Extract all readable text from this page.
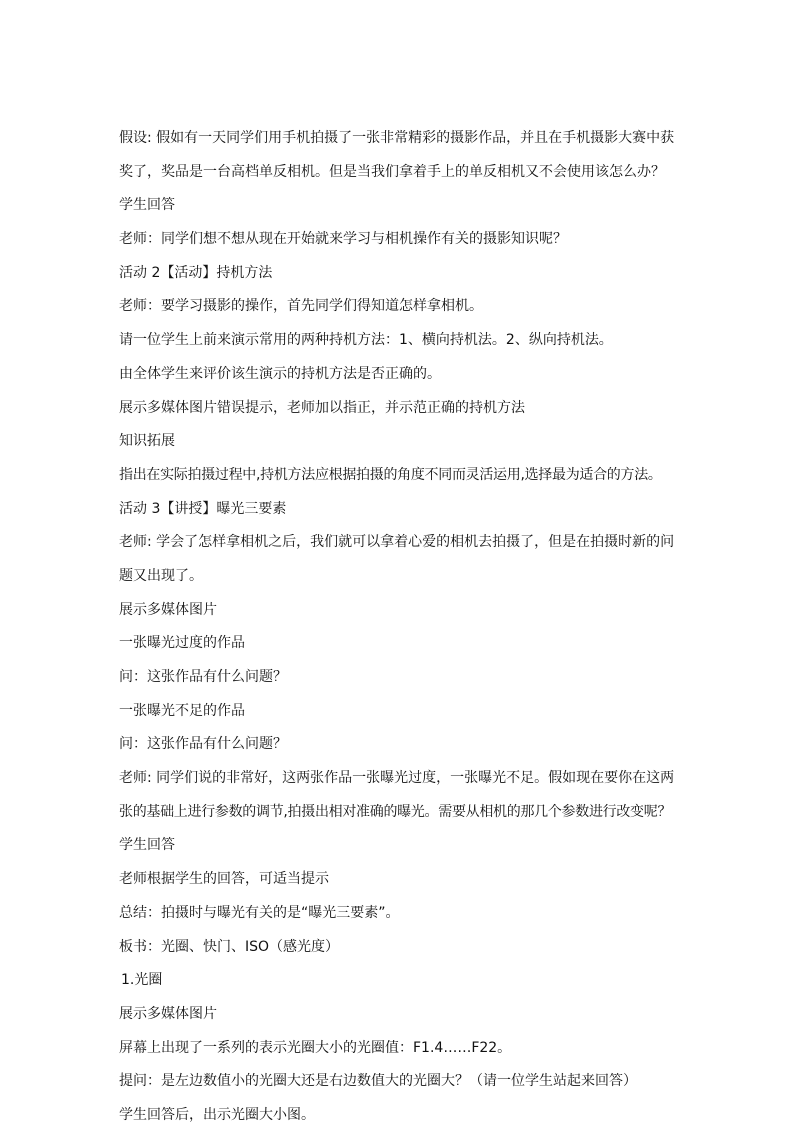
假设: 假如有一天同学们用手机拍摄了一张非常精彩的摄影作品，并且在手机摄影大赛中获
奖了，奖品是一台高档单反相机。但是当我们拿着手上的单反相机又不会使用该怎么办？
学生回答
老师：同学们想不想从现在开始就来学习与相机操作有关的摄影知识呢？
活动 2【活动】持机方法
老师：要学习摄影的操作，首先同学们得知道怎样拿相机。
请一位学生上前来演示常用的两种持机方法：1、横向持机法。2、纵向持机法。
由全体学生来评价该生演示的持机方法是否正确的。
展示多媒体图片错误提示，老师加以指正，并示范正确的持机方法
知识拓展
指出在实际拍摄过程中,持机方法应根据拍摄的角度不同而灵活运用,选择最为适合的方法。
活动 3【讲授】曝光三要素
老师: 学会了怎样拿相机之后，我们就可以拿着心爱的相机去拍摄了，但是在拍摄时新的问
题又出现了。
展示多媒体图片
一张曝光过度的作品
问：这张作品有什么问题？
一张曝光不足的作品
问：这张作品有什么问题？
老师: 同学们说的非常好，这两张作品一张曝光过度，一张曝光不足。假如现在要你在这两
张的基础上进行参数的调节,拍摄出相对准确的曝光。需要从相机的那几个参数进行改变呢？
学生回答
老师根据学生的回答，可适当提示
总结：拍摄时与曝光有关的是“曝光三要素”。
板书：光圈、快门、ISO（感光度）
1.光圈
展示多媒体图片
屏幕上出现了一系列的表示光圈大小的光圈值：F1.4……F22。
提问：是左边数值小的光圈大还是右边数值大的光圈大？（请一位学生站起来回答）
学生回答后，出示光圈大小图。
